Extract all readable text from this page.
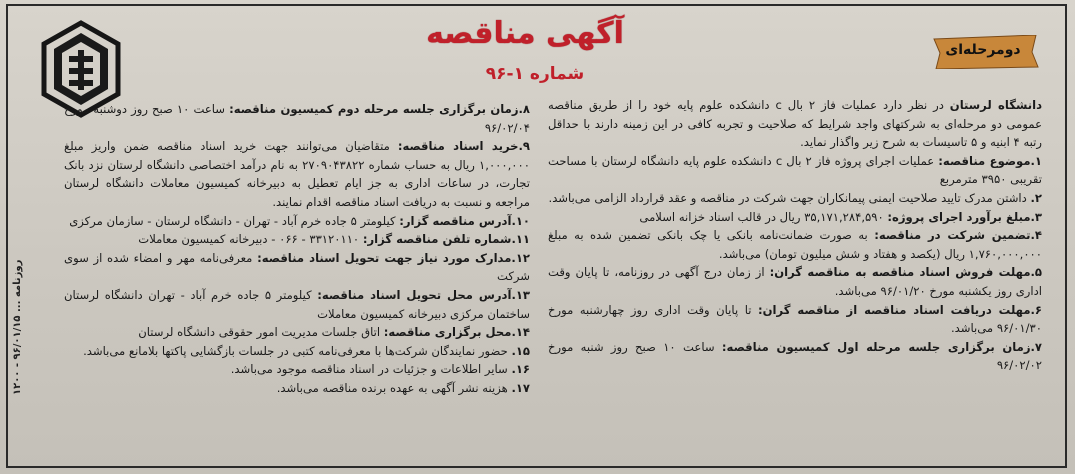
دومرحله‌ای
آگهی مناقصه
شماره ۱-۹۶
روزنامه ... ۹۶/۰۱/۱۵ - ۱۲۰۰

دانشگاه لرستان در نظر دارد عملیات فاز ۲ بال c دانشکده علوم پایه خود را از طریق مناقصه عمومی دو مرحله‌ای به شرکتهای واجد شرایط که صلاحیت و تجربه کافی در این زمینه دارند با حداقل رتبه ۴ ابنیه و ۵ تاسیسات به شرح زیر واگذار نماید.

۱.موضوع مناقصه: عملیات اجرای پروژه فاز ۲ بال c دانشکده علوم پایه دانشگاه لرستان با مساحت تقریبی ۳۹۵۰ مترمربع

۲. داشتن مدرک تایید صلاحیت ایمنی پیمانکاران جهت شرکت در مناقصه و عقد قرارداد الزامی می‌باشد.

۳.مبلغ برآورد اجرای پروژه: ۳۵,۱۷۱,۲۸۴,۵۹۰ ریال در قالب اسناد خزانه اسلامی

۴.تضمین شرکت در مناقصه: به صورت ضمانت‌نامه بانکی یا چک بانکی تضمین شده به مبلغ ۱,۷۶۰,۰۰۰,۰۰۰ ریال (یکصد و هفتاد و شش میلیون تومان) می‌باشد.

۵.مهلت فروش اسناد مناقصه به مناقصه گران: از زمان درج آگهی در روزنامه، تا پایان وقت اداری روز یکشنبه مورخ ۹۶/۰۱/۲۰ می‌باشد.

۶.مهلت دریافت اسناد مناقصه از مناقصه گران: تا پایان وقت اداری روز چهارشنبه مورخ ۹۶/۰۱/۳۰ می‌باشد.

۷.زمان برگزاری جلسه مرحله اول کمیسیون مناقصه: ساعت ۱۰ صبح روز شنبه مورخ ۹۶/۰۲/۰۲

۸.زمان برگزاری جلسه مرحله دوم کمیسیون مناقصه: ساعت ۱۰ صبح روز دوشنبه مورخ ۹۶/۰۲/۰۴

۹.خرید اسناد مناقصه: متقاضیان می‌توانند جهت خرید اسناد مناقصه ضمن واریز مبلغ ۱,۰۰۰,۰۰۰ ریال به حساب شماره ۲۷۰۹۰۴۳۸۲۲ به نام درآمد اختصاصی دانشگاه لرستان نزد بانک تجارت، در ساعات اداری به جز ایام تعطیل به دبیرخانه کمیسیون معاملات دانشگاه لرستان مراجعه و نسبت به دریافت اسناد مناقصه اقدام نمایند.

۱۰.آدرس مناقصه گزار: کیلومتر ۵ جاده خرم آباد - تهران - دانشگاه لرستان - سازمان مرکزی

۱۱.شماره تلفن مناقصه گزار: ۳۳۱۲۰۱۱۰ - ۰۶۶ - دبیرخانه کمیسیون معاملات

۱۲.مدارک مورد نیاز جهت تحویل اسناد مناقصه: معرفی‌نامه مهر و امضاء شده از سوی شرکت

۱۳.آدرس محل تحویل اسناد مناقصه: کیلومتر ۵ جاده خرم آباد - تهران دانشگاه لرستان ساختمان مرکزی دبیرخانه کمیسیون معاملات

۱۴.محل برگزاری مناقصه: اتاق جلسات مدیریت امور حقوقی دانشگاه لرستان

۱۵. حضور نمایندگان شرکت‌ها با معرفی‌نامه کتبی در جلسات بازگشایی پاکتها بلامانع می‌باشد.

۱۶. سایر اطلاعات و جزئیات در اسناد مناقصه موجود می‌باشد.

۱۷. هزینه نشر آگهی به عهده برنده مناقصه می‌باشد.
